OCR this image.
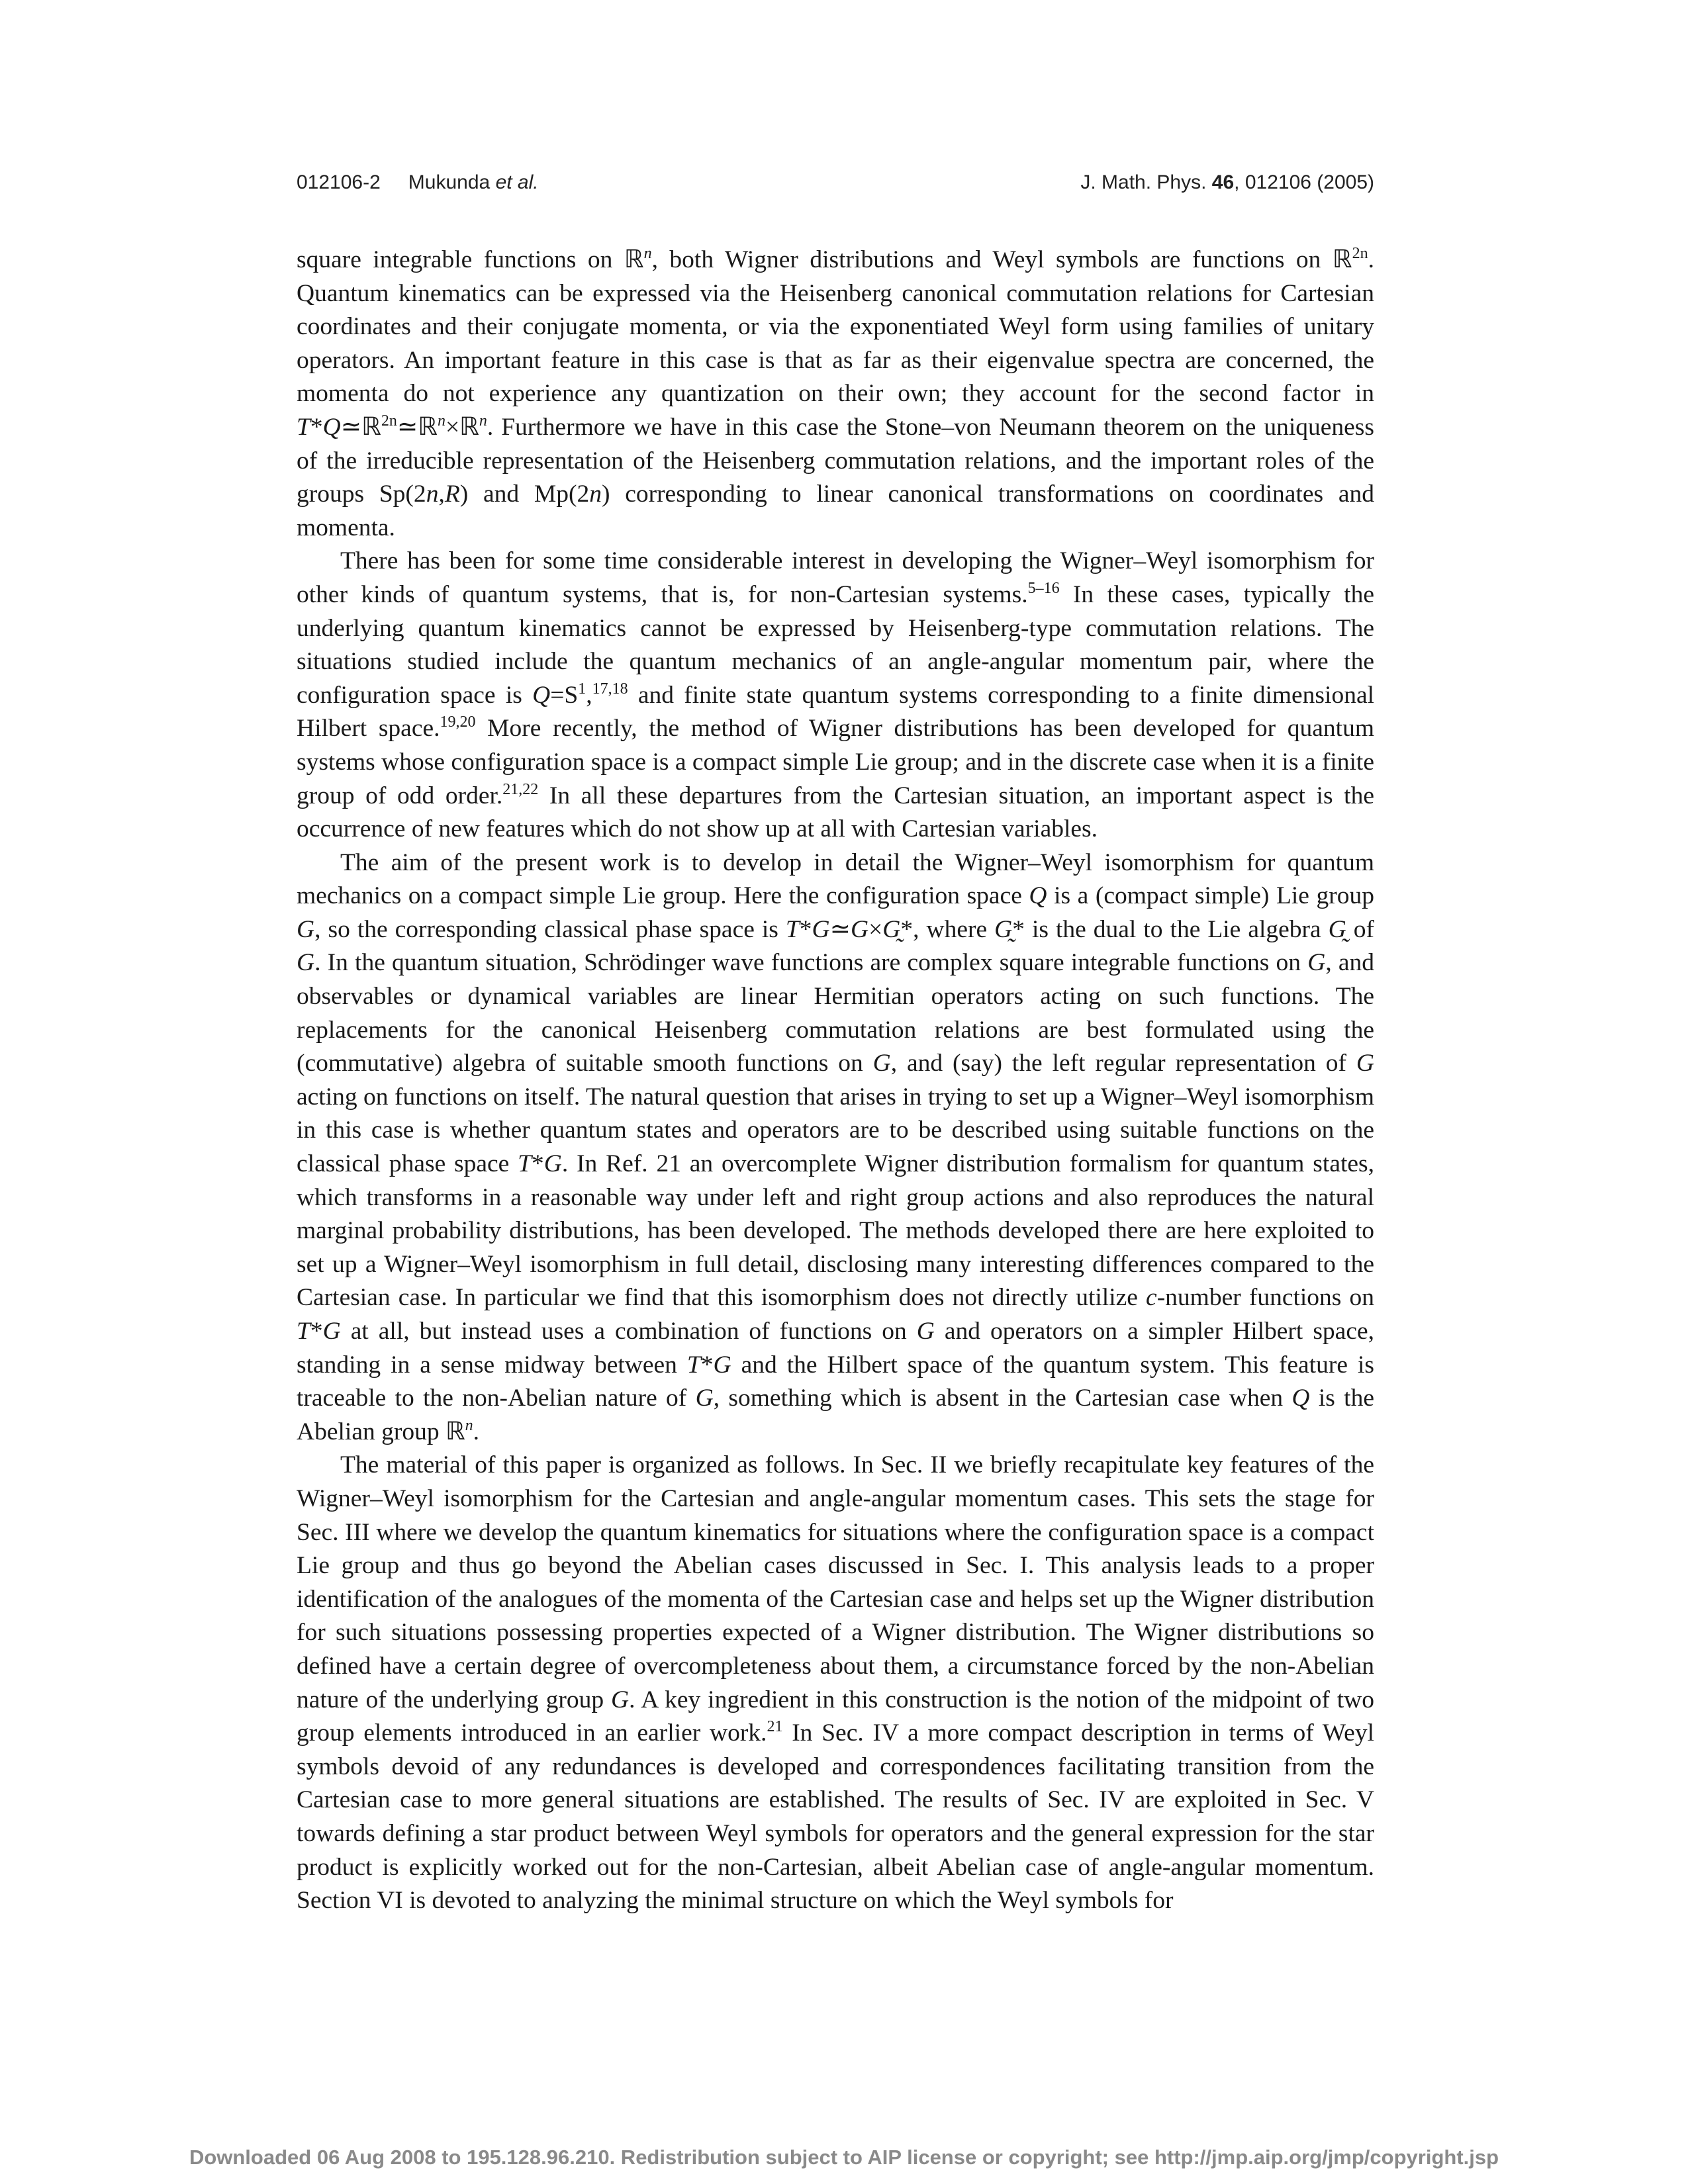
012106-2 Mukunda et al.	J. Math. Phys. 46, 012106 (2005)

square integrable functions on ℝ$^n$, both Wigner distributions and Weyl symbols are functions on ℝ$^{2n}$. Quantum kinematics can be expressed via the Heisenberg canonical commutation relations for Cartesian coordinates and their conjugate momenta, or via the exponentiated Weyl form using families of unitary operators. An important feature in this case is that as far as their eigenvalue spectra are concerned, the momenta do not experience any quantization on their own; they account for the second factor in T*Q≃ℝ$^{2n}$≃ℝ$^n$×ℝ$^n$. Furthermore we have in this case the Stone–von Neumann theorem on the uniqueness of the irreducible representation of the Heisenberg commutation relations, and the important roles of the groups Sp(2n,R) and Mp(2n) corresponding to linear canonical transformations on coordinates and momenta.

There has been for some time considerable interest in developing the Wigner–Weyl isomorphism for other kinds of quantum systems, that is, for non-Cartesian systems.$^{5-16}$ In these cases, typically the underlying quantum kinematics cannot be expressed by Heisenberg-type commutation relations. The situations studied include the quantum mechanics of an angle-angular momentum pair, where the configuration space is $Q=S^1,^{17,18}$ and finite state quantum systems corresponding to a finite dimensional Hilbert space.$^{19,20}$ More recently, the method of Wigner distributions has been developed for quantum systems whose configuration space is a compact simple Lie group; and in the discrete case when it is a finite group of odd order.$^{21,22}$ In all these departures from the Cartesian situation, an important aspect is the occurrence of new features which do not show up at all with Cartesian variables.

The aim of the present work is to develop in detail the Wigner–Weyl isomorphism for quantum mechanics on a compact simple Lie group. Here the configuration space Q is a (compact simple) Lie group G, so the corresponding classical phase space is T*G≃G×G̰*, where G̰* is the dual to the Lie algebra G̰ of G. In the quantum situation, Schrödinger wave functions are complex square integrable functions on G, and observables or dynamical variables are linear Hermitian operators acting on such functions. The replacements for the canonical Heisenberg commutation relations are best formulated using the (commutative) algebra of suitable smooth functions on G, and (say) the left regular representation of G acting on functions on itself. The natural question that arises in trying to set up a Wigner–Weyl isomorphism in this case is whether quantum states and operators are to be described using suitable functions on the classical phase space T*G. In Ref. 21 an overcomplete Wigner distribution formalism for quantum states, which transforms in a reasonable way under left and right group actions and also reproduces the natural marginal probability distributions, has been developed. The methods developed there are here exploited to set up a Wigner–Weyl isomorphism in full detail, disclosing many interesting differences compared to the Cartesian case. In particular we find that this isomorphism does not directly utilize c-number functions on T*G at all, but instead uses a combination of functions on G and operators on a simpler Hilbert space, standing in a sense midway between T*G and the Hilbert space of the quantum system. This feature is traceable to the non-Abelian nature of G, something which is absent in the Cartesian case when Q is the Abelian group ℝ$^n$.

The material of this paper is organized as follows. In Sec. II we briefly recapitulate key features of the Wigner–Weyl isomorphism for the Cartesian and angle-angular momentum cases. This sets the stage for Sec. III where we develop the quantum kinematics for situations where the configuration space is a compact Lie group and thus go beyond the Abelian cases discussed in Sec. I. This analysis leads to a proper identification of the analogues of the momenta of the Cartesian case and helps set up the Wigner distribution for such situations possessing properties expected of a Wigner distribution. The Wigner distributions so defined have a certain degree of overcompleteness about them, a circumstance forced by the non-Abelian nature of the underlying group G. A key ingredient in this construction is the notion of the midpoint of two group elements introduced in an earlier work.$^{21}$ In Sec. IV a more compact description in terms of Weyl symbols devoid of any redundances is developed and correspondences facilitating transition from the Cartesian case to more general situations are established. The results of Sec. IV are exploited in Sec. V towards defining a star product between Weyl symbols for operators and the general expression for the star product is explicitly worked out for the non-Cartesian, albeit Abelian case of angle-angular momentum. Section VI is devoted to analyzing the minimal structure on which the Weyl symbols for

Downloaded 06 Aug 2008 to 195.128.96.210. Redistribution subject to AIP license or copyright; see http://jmp.aip.org/jmp/copyright.jsp
